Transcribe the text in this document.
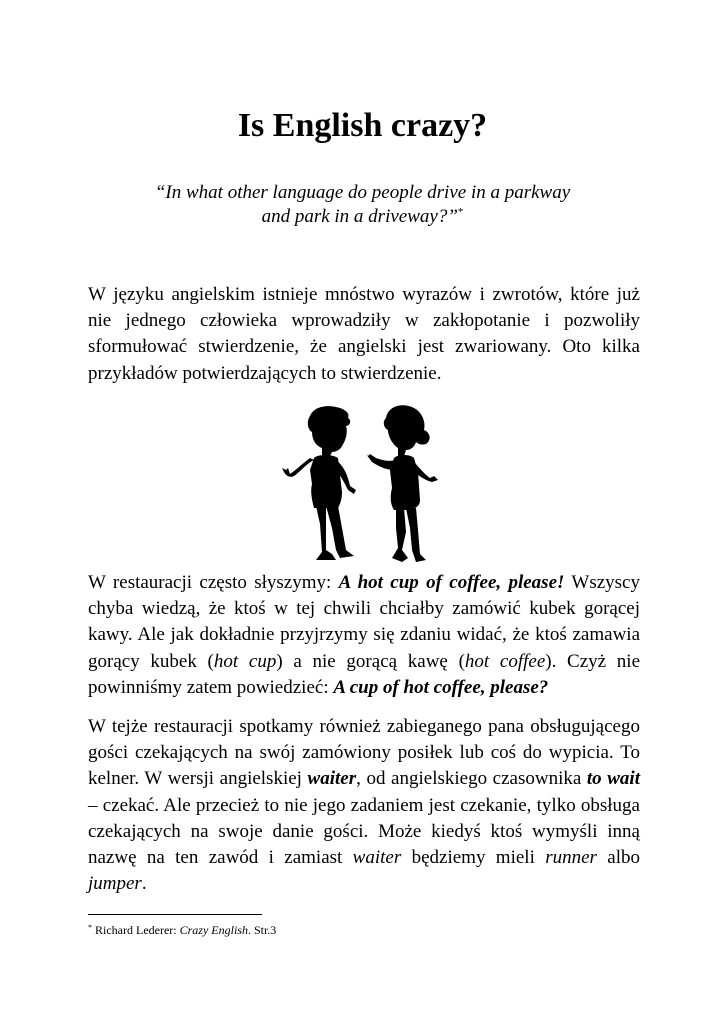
Is English crazy?

“In what other language do people drive in a parkway
and park in a driveway?”*

W języku angielskim istnieje mnóstwo wyrazów i zwrotów, które już nie jednego człowieka wprowadziły w zakłopotanie i pozwoliły sformułować stwierdzenie, że angielski jest zwariowany. Oto kilka przykładów potwierdzających to stwierdzenie.

W restauracji często słyszymy: A hot cup of coffee, please! Wszyscy chyba wiedzą, że ktoś w tej chwili chciałby zamówić kubek gorącej kawy. Ale jak dokładnie przyjrzymy się zdaniu widać, że ktoś zamawia gorący kubek (hot cup) a nie gorącą kawę (hot coffee). Czyż nie powinniśmy zatem powiedzieć: A cup of hot coffee, please?

W tejże restauracji spotkamy również zabieganego pana obsługującego gości czekających na swój zamówiony posiłek lub coś do wypicia. To kelner. W wersji angielskiej waiter, od angielskiego czasownika to wait – czekać. Ale przecież to nie jego zadaniem jest czekanie, tylko obsługa czekających na swoje danie gości. Może kiedyś ktoś wymyśli inną nazwę na ten zawód i zamiast waiter będziemy mieli runner albo jumper.

* Richard Lederer: Crazy English. Str.3
